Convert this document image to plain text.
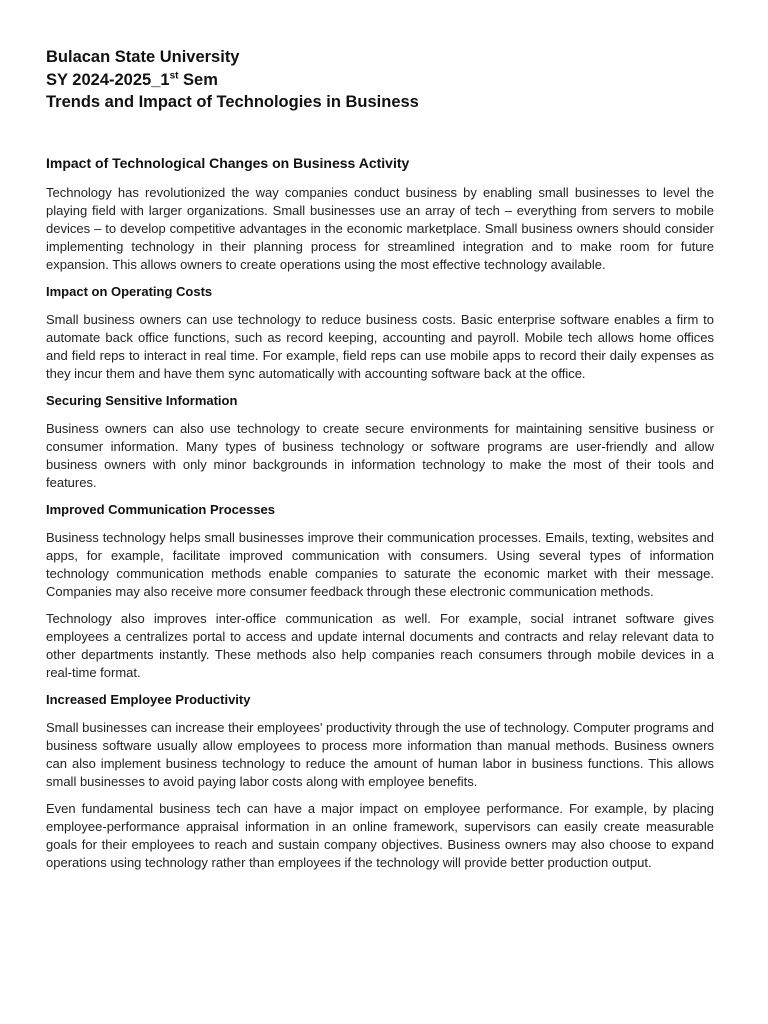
Bulacan State University
SY 2024-2025_1st Sem
Trends and Impact of Technologies in Business
Impact of Technological Changes on Business Activity

Technology has revolutionized the way companies conduct business by enabling small businesses to level the playing field with larger organizations. Small businesses use an array of tech – everything from servers to mobile devices – to develop competitive advantages in the economic marketplace. Small business owners should consider implementing technology in their planning process for streamlined integration and to make room for future expansion. This allows owners to create operations using the most effective technology available.

Impact on Operating Costs

Small business owners can use technology to reduce business costs. Basic enterprise software enables a firm to automate back office functions, such as record keeping, accounting and payroll. Mobile tech allows home offices and field reps to interact in real time. For example, field reps can use mobile apps to record their daily expenses as they incur them and have them sync automatically with accounting software back at the office.

Securing Sensitive Information

Business owners can also use technology to create secure environments for maintaining sensitive business or consumer information. Many types of business technology or software programs are user-friendly and allow business owners with only minor backgrounds in information technology to make the most of their tools and features.

Improved Communication Processes

Business technology helps small businesses improve their communication processes. Emails, texting, websites and apps, for example, facilitate improved communication with consumers. Using several types of information technology communication methods enable companies to saturate the economic market with their message. Companies may also receive more consumer feedback through these electronic communication methods.

Technology also improves inter-office communication as well. For example, social intranet software gives employees a centralizes portal to access and update internal documents and contracts and relay relevant data to other departments instantly. These methods also help companies reach consumers through mobile devices in a real-time format.

Increased Employee Productivity

Small businesses can increase their employees' productivity through the use of technology. Computer programs and business software usually allow employees to process more information than manual methods. Business owners can also implement business technology to reduce the amount of human labor in business functions. This allows small businesses to avoid paying labor costs along with employee benefits.

Even fundamental business tech can have a major impact on employee performance. For example, by placing employee-performance appraisal information in an online framework, supervisors can easily create measurable goals for their employees to reach and sustain company objectives. Business owners may also choose to expand operations using technology rather than employees if the technology will provide better production output.
